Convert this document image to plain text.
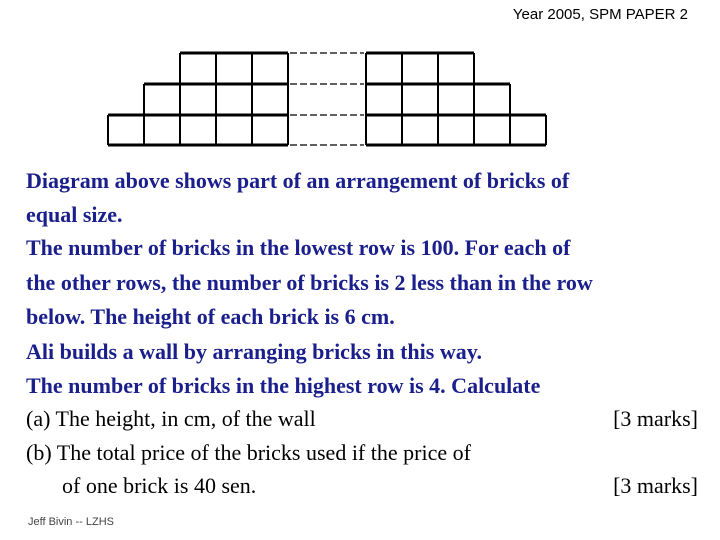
Year 2005, SPM PAPER 2
Diagram above shows part of an arrangement of bricks of
equal size.
The number of bricks in the lowest row is 100. For each of
the other rows, the number of bricks is 2 less than in the row
below. The height of each brick is 6 cm.
Ali builds a wall by arranging bricks in this way.
The number of bricks in the highest row is 4. Calculate
(a) The height, in cm, of the wall	[3 marks]
(b) The total price of the bricks used if the price of
of one brick is 40 sen.	[3 marks]
Jeff Bivin -- LZHS
